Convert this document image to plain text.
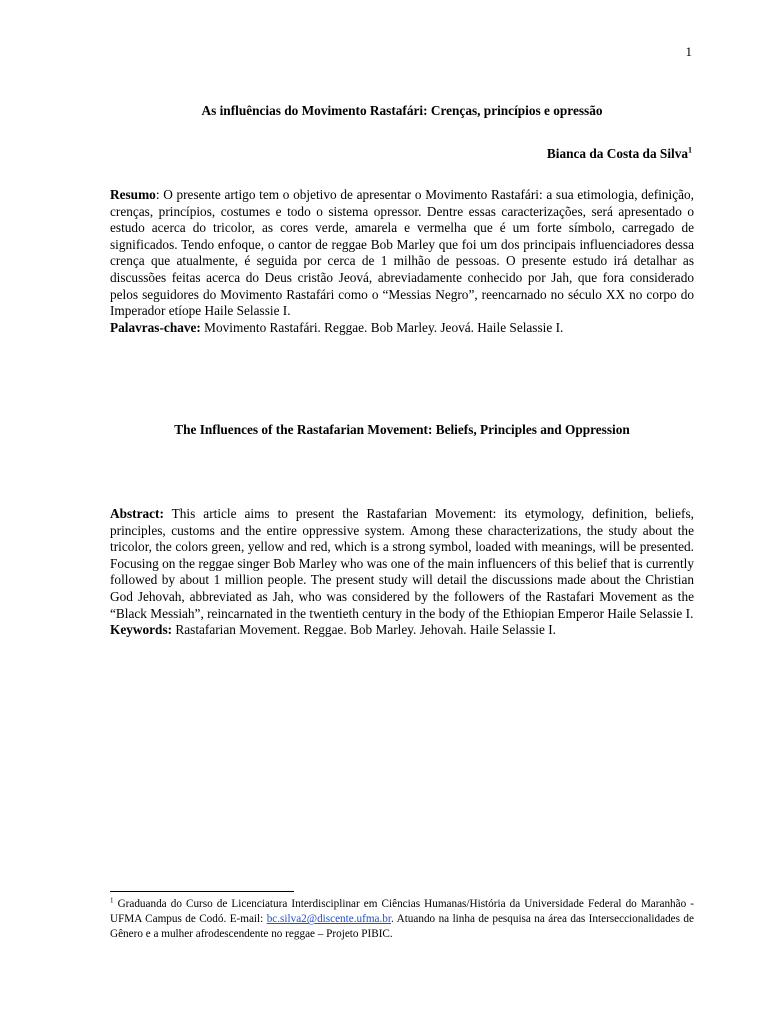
1
As influências do Movimento Rastafári: Crenças, princípios e opressão
Bianca da Costa da Silva$^1$
Resumo: O presente artigo tem o objetivo de apresentar o Movimento Rastafári: a sua etimologia, definição, crenças, princípios, costumes e todo o sistema opressor. Dentre essas caracterizações, será apresentado o estudo acerca do tricolor, as cores verde, amarela e vermelha que é um forte símbolo, carregado de significados. Tendo enfoque, o cantor de reggae Bob Marley que foi um dos principais influenciadores dessa crença que atualmente, é seguida por cerca de 1 milhão de pessoas. O presente estudo irá detalhar as discussões feitas acerca do Deus cristão Jeová, abreviadamente conhecido por Jah, que fora considerado pelos seguidores do Movimento Rastafári como o “Messias Negro”, reencarnado no século XX no corpo do Imperador etíope Haile Selassie I.
Palavras-chave: Movimento Rastafári. Reggae. Bob Marley. Jeová. Haile Selassie I.
The Influences of the Rastafarian Movement: Beliefs, Principles and Oppression
Abstract: This article aims to present the Rastafarian Movement: its etymology, definition, beliefs, principles, customs and the entire oppressive system. Among these characterizations, the study about the tricolor, the colors green, yellow and red, which is a strong symbol, loaded with meanings, will be presented. Focusing on the reggae singer Bob Marley who was one of the main influencers of this belief that is currently followed by about 1 million people. The present study will detail the discussions made about the Christian God Jehovah, abbreviated as Jah, who was considered by the followers of the Rastafari Movement as the “Black Messiah”, reincarnated in the twentieth century in the body of the Ethiopian Emperor Haile Selassie I.
Keywords: Rastafarian Movement. Reggae. Bob Marley. Jehovah. Haile Selassie I.
$^1$ Graduanda do Curso de Licenciatura Interdisciplinar em Ciências Humanas/História da Universidade Federal do Maranhão -UFMA Campus de Codó. E-mail: bc.silva2@discente.ufma.br. Atuando na linha de pesquisa na área das Interseccionalidades de Gênero e a mulher afrodescendente no reggae – Projeto PIBIC.
